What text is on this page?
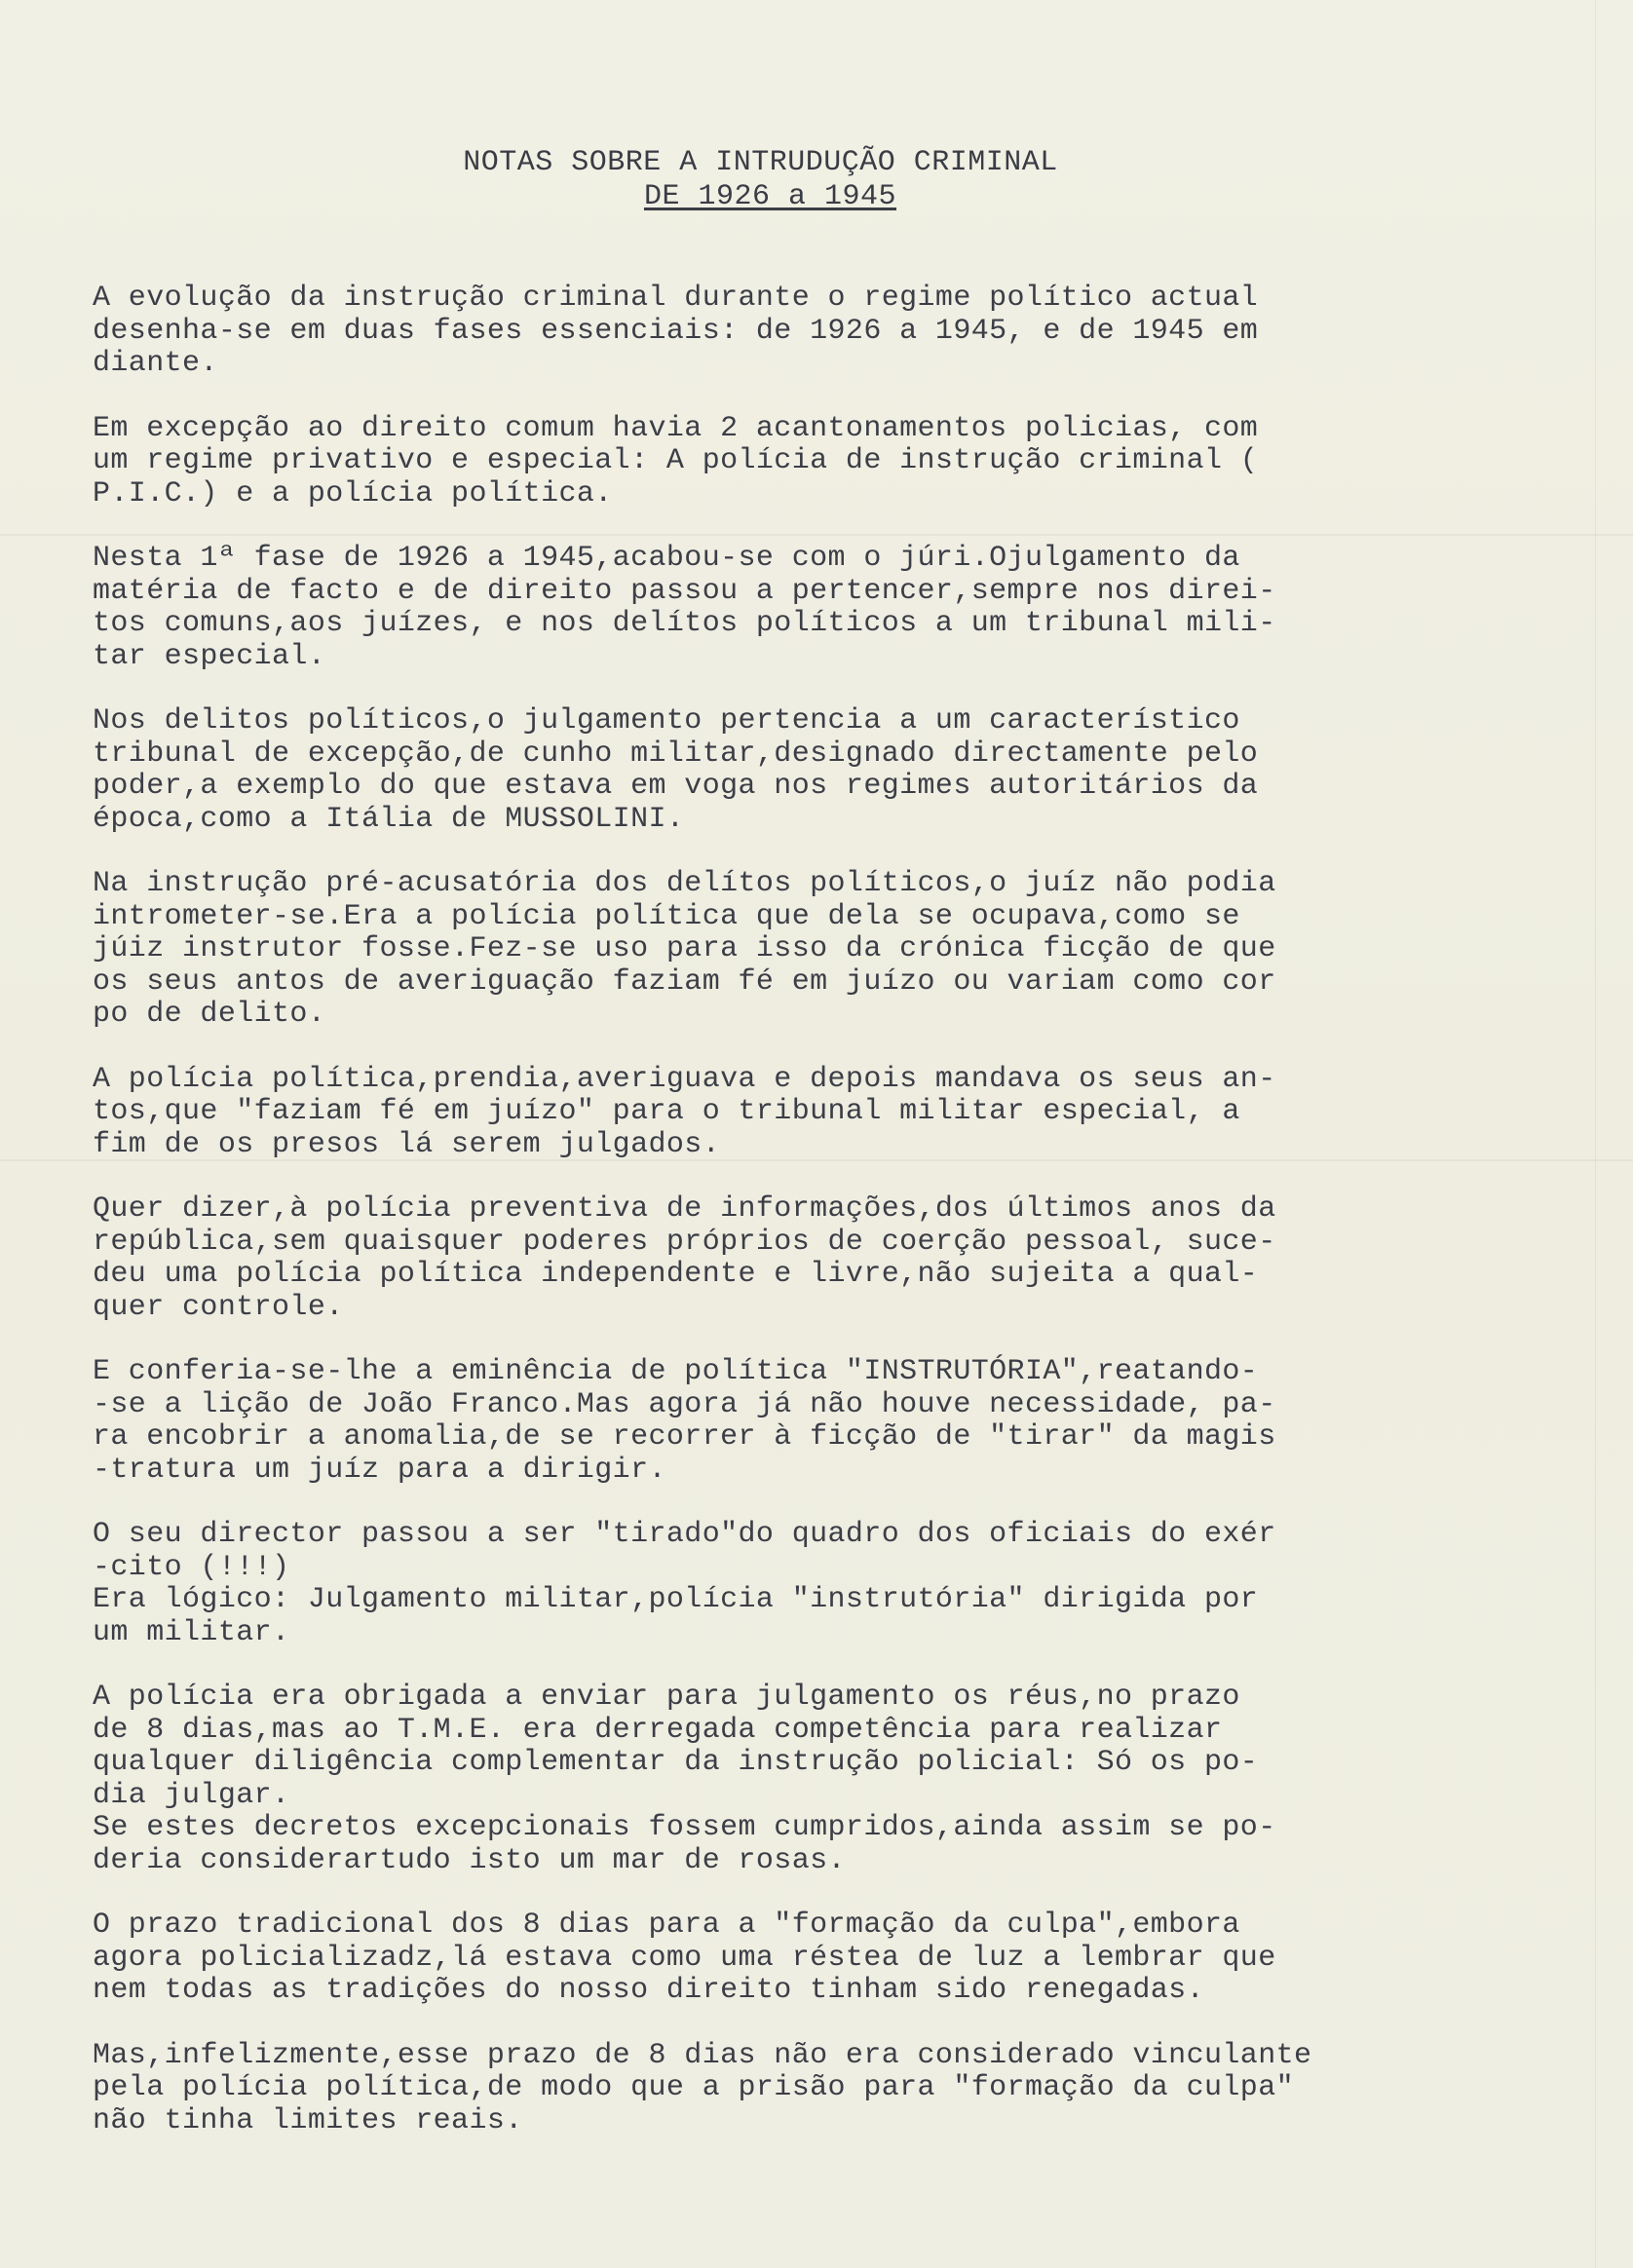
NOTAS SOBRE A INTRUDUÇÃO CRIMINAL
DE 1926 a 1945
A evolução da instrução criminal durante o regime político actual
desenha-se em duas fases essenciais: de 1926 a 1945, e de 1945 em
diante.
Em excepção ao direito comum havia 2 acantonamentos policias, com
um regime privativo e especial: A polícia de instrução criminal (
P.I.C.) e a polícia política.
Nesta 1ª fase de 1926 a 1945,acabou-se com o júri.Ojulgamento da
matéria de facto e de direito passou a pertencer,sempre nos direi-
tos comuns,aos juízes, e nos delítos políticos a um tribunal mili-
tar especial.
Nos delitos políticos,o julgamento pertencia a um característico
tribunal de excepção,de cunho militar,designado directamente pelo
poder,a exemplo do que estava em voga nos regimes autoritários da
época,como a Itália de MUSSOLINI.
Na instrução pré-acusatória dos delítos políticos,o juíz não podia
intrometer-se.Era a polícia política que dela se ocupava,como se
júiz instrutor fosse.Fez-se uso para isso da crónica ficção de que
os seus antos de averiguação faziam fé em juízo ou variam como cor
po de delito.
A polícia política,prendia,averiguava e depois mandava os seus an-
tos,que "faziam fé em juízo" para o tribunal militar especial, a
fim de os presos lá serem julgados.
Quer dizer,à polícia preventiva de informações,dos últimos anos da
república,sem quaisquer poderes próprios de coerção pessoal, suce-
deu uma polícia política independente e livre,não sujeita a qual-
quer controle.
E conferia-se-lhe a eminência de política "INSTRUTÓRIA",reatando-
-se a lição de João Franco.Mas agora já não houve necessidade, pa-
ra encobrir a anomalia,de se recorrer à ficção de "tirar" da magis
-tratura um juíz para a dirigir.
O seu director passou a ser "tirado"do quadro dos oficiais do exér
-cito (!!!)
Era lógico: Julgamento militar,polícia "instrutória" dirigida por
um militar.
A polícia era obrigada a enviar para julgamento os réus,no prazo
de 8 dias,mas ao T.M.E. era derregada competência para realizar
qualquer diligência complementar da instrução policial: Só os po-
dia julgar.
Se estes decretos excepcionais fossem cumpridos,ainda assim se po-
deria considerartudo isto um mar de rosas.
O prazo tradicional dos 8 dias para a "formação da culpa",embora
agora policializadz,lá estava como uma réstea de luz a lembrar que
nem todas as tradições do nosso direito tinham sido renegadas.
Mas,infelizmente,esse prazo de 8 dias não era considerado vinculante
pela polícia política,de modo que a prisão para "formação da culpa"
não tinha limites reais.
